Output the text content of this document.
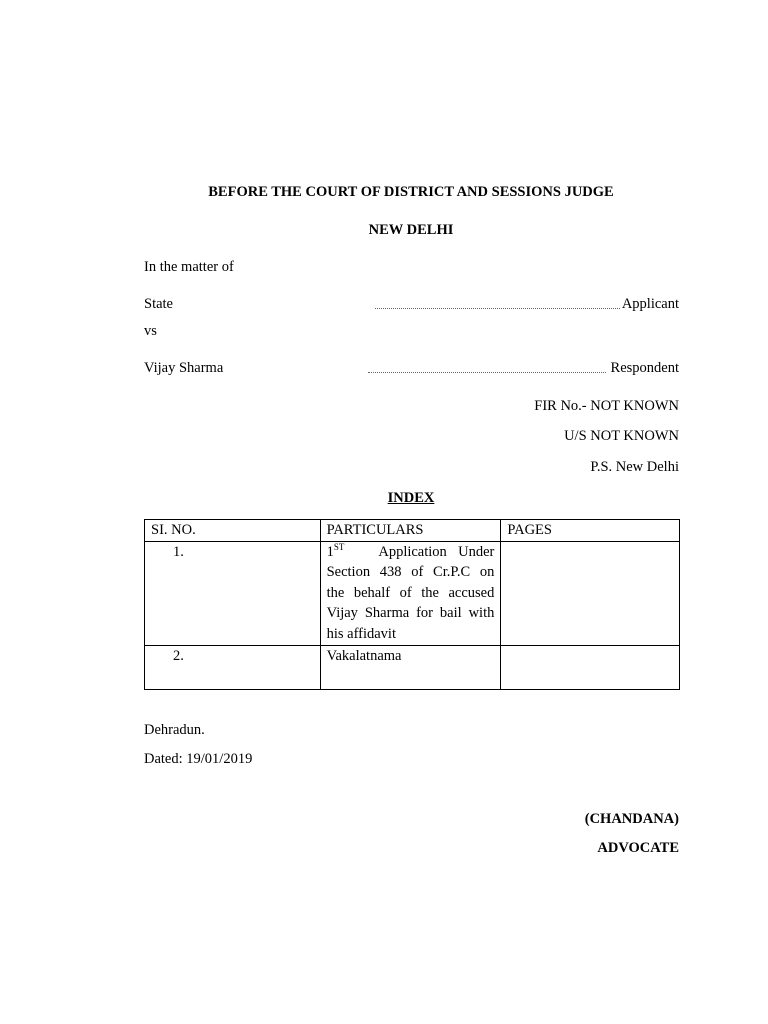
BEFORE THE COURT OF DISTRICT AND SESSIONS JUDGE
NEW DELHI
In the matter of
State	Applicant
vs
Vijay Sharma	Respondent
FIR No.- NOT KNOWN
U/S NOT KNOWN
P.S. New Delhi
INDEX
SI. NO.	PARTICULARS	PAGES
1.	1ST Application Under
Section 438 of Cr.P.C on
the behalf of the accused
Vijay Sharma for bail with
his affidavit	

2.	Vakalatnama	
Dehradun.
Dated: 19/01/2019
(CHANDANA)
ADVOCATE
